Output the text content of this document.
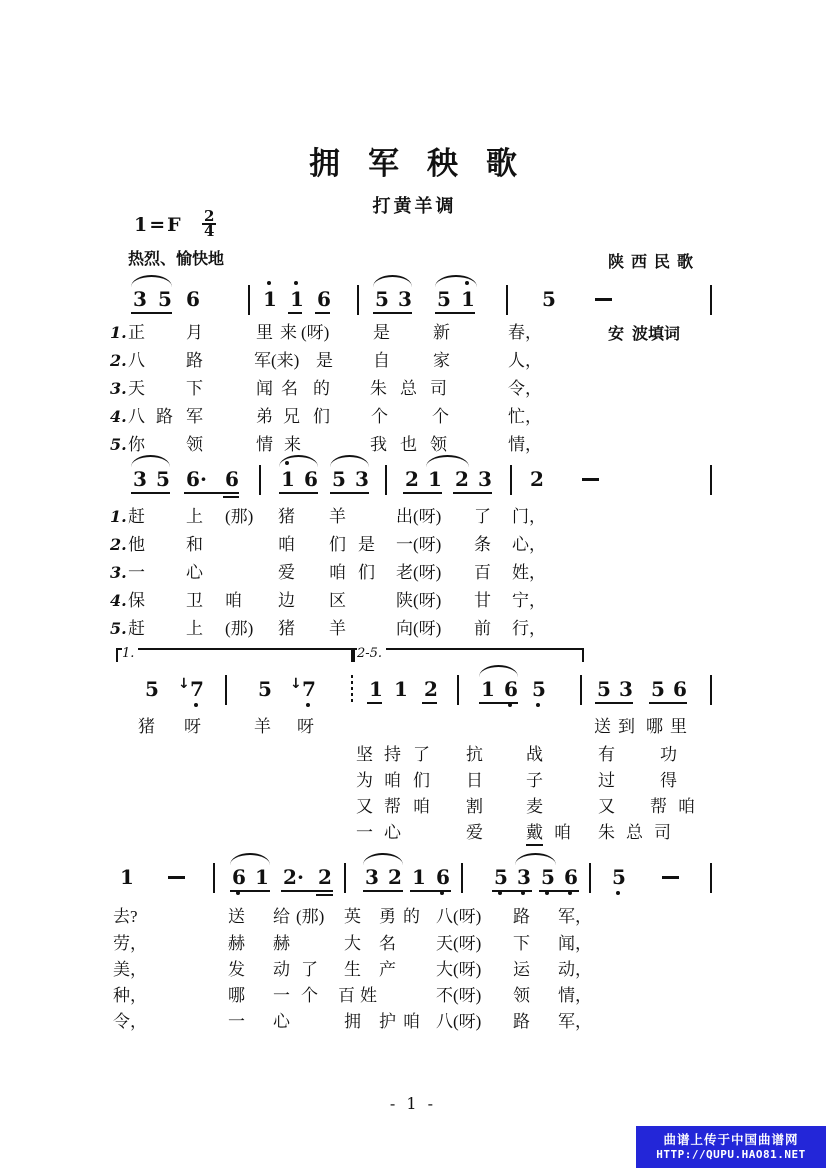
拥军秧歌
打黄羊调
1=F 2
4

陕西民歌

安  波填词

热烈、愉快地
3 5 6	1 1 6 5 3 5 1	5
1. 正 月	里 来 (呀)	是	新	春，
2. 八 路	军(来) 是 自	家	人，
3. 天 下	闻 名 的 朱 总 司	令，
4. 八 路 军	弟 兄 们 个	个	忙，
5. 你 领	情 来	我 也 领	情，
3 5 6 · 6 1 6 5 3 2 1 2 3 2
1. 赶 上 (那) 猪 羊	出(呀) 了 门，
2. 他 和	咱 们 是 一(呀) 条 心，
3. 一 心	爱 咱 们 老(呀) 百 姓，
4. 保 卫 咱 边 区	陕(呀) 甘 宁，
5. 赶 上 (那) 猪 羊	向(呀) 前 行，
1.	2-5.
5 7
↓	5 7
↓	1 1 2 1 6 5	5 3 5 6
猪 呀	羊 呀	送 到 哪 里
坚 持 了 抗	战	有	功
为 咱 们 日	子	过	得
又 帮 咱 割	麦	又 帮 咱
一 心	爱	戴 咱 朱 总 司
1	6 1 2 · 2 3 2 1 6 5 3 5 6 5
去?	送 给 (那) 英 勇 的 八(呀) 路 军，
劳，	赫 赫	大 名 天(呀) 下 闻，
美，	发 动 了 生 产 大(呀) 运 动，
种，	哪 一 个 百 姓	不(呀) 领 情，
令，	一 心	拥 护 咱 八(呀) 路 军，
- 1 -
曲谱上传于中国曲谱网
HTTP://QUPU.HAO81.NET
